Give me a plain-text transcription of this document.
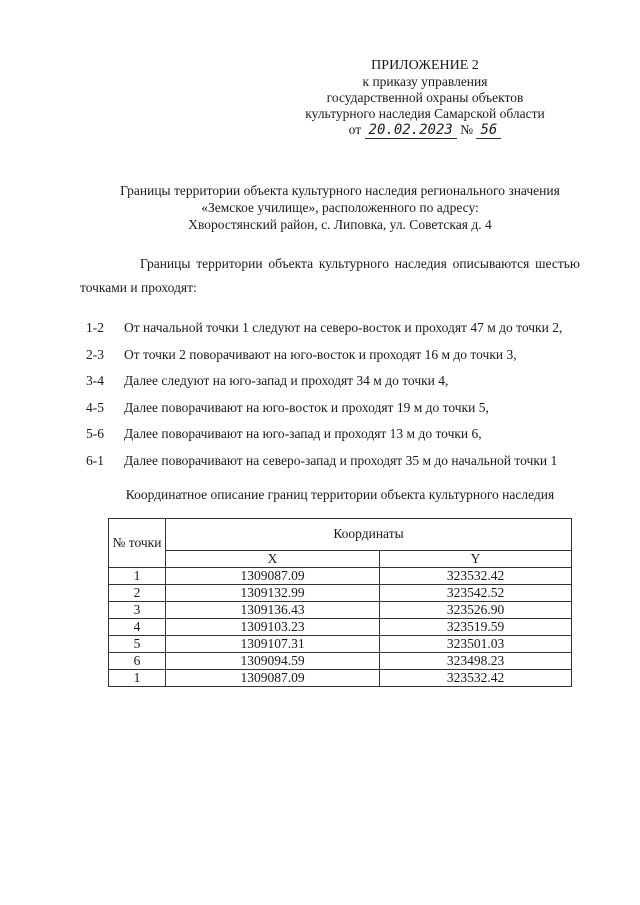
ПРИЛОЖЕНИЕ 2
к приказу управления
государственной охраны объектов
культурного наследия Самарской области
от 20.02.2023 № 56
Границы территории объекта культурного наследия регионального значения
«Земское училище», расположенного по адресу:
Хворостянский район, с. Липовка, ул. Советская д. 4

Границы территории объекта культурного наследия описываются шестью точками и проходят:

1-2 От начальной точки 1 следуют на северо-восток и проходят 47 м до точки 2,
2-3 От точки 2 поворачивают на юго-восток и проходят 16 м до точки 3,
3-4 Далее следуют на юго-запад и проходят 34 м до точки 4,
4-5 Далее поворачивают на юго-восток и проходят 19 м до точки 5,
5-6 Далее поворачивают на юго-запад и проходят 13 м до точки 6,
6-1 Далее поворачивают на северо-запад и проходят 35 м до начальной точки 1
Координатное описание границ территории объекта культурного наследия
№ точки	Координаты	
	X	Y
1	1309087.09	323532.42
2	1309132.99	323542.52
3	1309136.43	323526.90
4	1309103.23	323519.59
5	1309107.31	323501.03
6	1309094.59	323498.23
1	1309087.09	323532.42
